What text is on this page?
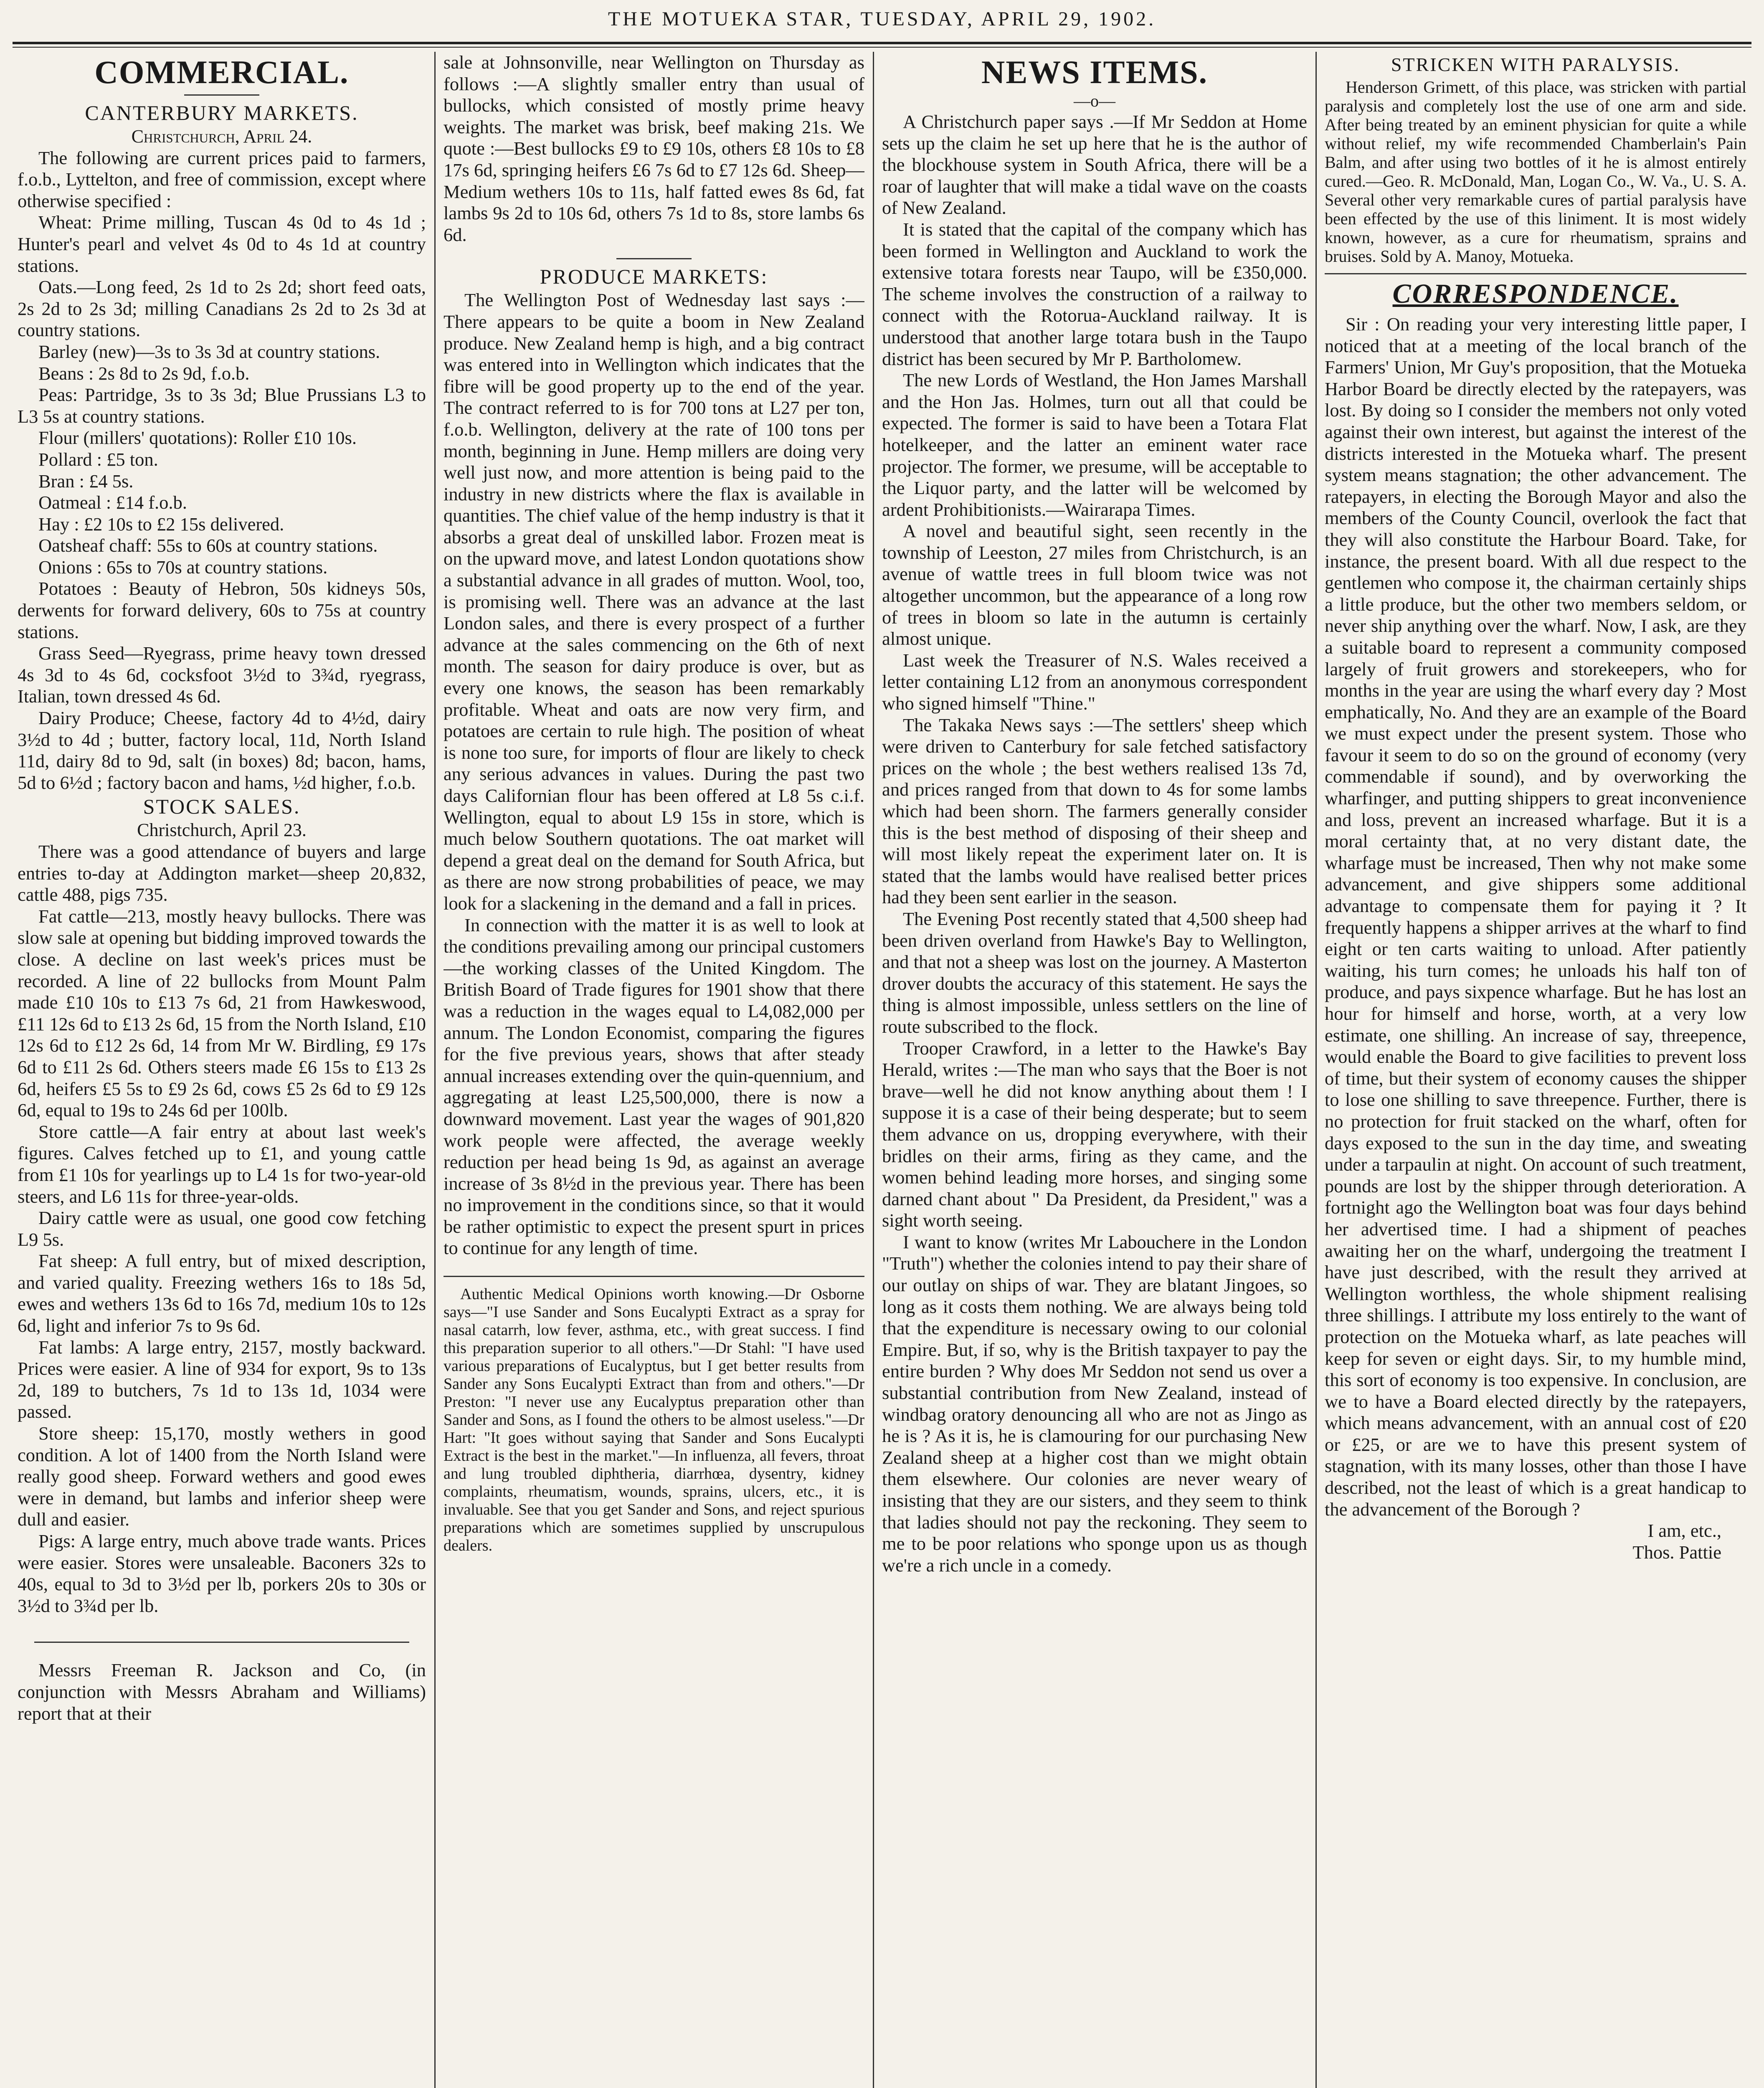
THE MOTUEKA STAR, TUESDAY, APRIL 29, 1902.
COMMERCIAL.
CANTERBURY MARKETS.
Christchurch, April 24.

The following are current prices paid to farmers, f.o.b., Lyttelton, and free of commission, except where otherwise specified :

Wheat: Prime milling, Tuscan 4s 0d to 4s 1d ; Hunter's pearl and velvet 4s 0d to 4s 1d at country stations.

Oats.—Long feed, 2s 1d to 2s 2d; short feed oats, 2s 2d to 2s 3d; milling Canadians 2s 2d to 2s 3d at country stations.

Barley (new)—3s to 3s 3d at country stations.

Beans : 2s 8d to 2s 9d, f.o.b.

Peas: Partridge, 3s to 3s 3d; Blue Prussians L3 to L3 5s at country stations.

Flour (millers' quotations): Roller £10 10s.

Pollard : £5 ton.

Bran : £4 5s.

Oatmeal : £14 f.o.b.

Hay : £2 10s to £2 15s delivered.

Oatsheaf chaff: 55s to 60s at country stations.

Onions : 65s to 70s at country stations.

Potatoes : Beauty of Hebron, 50s kidneys 50s, derwents for forward delivery, 60s to 75s at country stations.

Grass Seed—Ryegrass, prime heavy town dressed 4s 3d to 4s 6d, cocksfoot 3½d to 3¾d, ryegrass, Italian, town dressed 4s 6d.

Dairy Produce; Cheese, factory 4d to 4½d, dairy 3½d to 4d ; butter, factory local, 11d, North Island 11d, dairy 8d to 9d, salt (in boxes) 8d; bacon, hams, 5d to 6½d ; factory bacon and hams, ½d higher, f.o.b.

STOCK SALES.
Christchurch, April 23.

There was a good attendance of buyers and large entries to-day at Addington market—sheep 20,832, cattle 488, pigs 735.

Fat cattle—213, mostly heavy bullocks. There was slow sale at opening but bidding improved towards the close. A decline on last week's prices must be recorded. A line of 22 bullocks from Mount Palm made £10 10s to £13 7s 6d, 21 from Hawkeswood, £11 12s 6d to £13 2s 6d, 15 from the North Island, £10 12s 6d to £12 2s 6d, 14 from Mr W. Birdling, £9 17s 6d to £11 2s 6d. Others steers made £6 15s to £13 2s 6d, heifers £5 5s to £9 2s 6d, cows £5 2s 6d to £9 12s 6d, equal to 19s to 24s 6d per 100lb.

Store cattle—A fair entry at about last week's figures. Calves fetched up to £1, and young cattle from £1 10s for yearlings up to L4 1s for two-year-old steers, and L6 11s for three-year-olds.

Dairy cattle were as usual, one good cow fetching L9 5s.

Fat sheep: A full entry, but of mixed description, and varied quality. Freezing wethers 16s to 18s 5d, ewes and wethers 13s 6d to 16s 7d, medium 10s to 12s 6d, light and inferior 7s to 9s 6d.

Fat lambs: A large entry, 2157, mostly backward. Prices were easier. A line of 934 for export, 9s to 13s 2d, 189 to butchers, 7s 1d to 13s 1d, 1034 were passed.

Store sheep: 15,170, mostly wethers in good condition. A lot of 1400 from the North Island were really good sheep. Forward wethers and good ewes were in demand, but lambs and inferior sheep were dull and easier.

Pigs: A large entry, much above trade wants. Prices were easier. Stores were unsaleable. Baconers 32s to 40s, equal to 3d to 3½d per lb, porkers 20s to 30s or 3½d to 3¾d per lb.

Messrs Freeman R. Jackson and Co, (in conjunction with Messrs Abraham and Williams) report that at their

sale at Johnsonville, near Wellington on Thursday as follows :—A slightly smaller entry than usual of bullocks, which consisted of mostly prime heavy weights. The market was brisk, beef making 21s. We quote :—Best bullocks £9 to £9 10s, others £8 10s to £8 17s 6d, springing heifers £6 7s 6d to £7 12s 6d. Sheep—Medium wethers 10s to 11s, half fatted ewes 8s 6d, fat lambs 9s 2d to 10s 6d, others 7s 1d to 8s, store lambs 6s 6d.

PRODUCE MARKETS:

The Wellington Post of Wednesday last says :—There appears to be quite a boom in New Zealand produce. New Zealand hemp is high, and a big contract was entered into in Wellington which indicates that the fibre will be good property up to the end of the year. The contract referred to is for 700 tons at L27 per ton, f.o.b. Wellington, delivery at the rate of 100 tons per month, beginning in June. Hemp millers are doing very well just now, and more attention is being paid to the industry in new districts where the flax is available in quantities. The chief value of the hemp industry is that it absorbs a great deal of unskilled labor. Frozen meat is on the upward move, and latest London quotations show a substantial advance in all grades of mutton. Wool, too, is promising well. There was an advance at the last London sales, and there is every prospect of a further advance at the sales commencing on the 6th of next month. The season for dairy produce is over, but as every one knows, the season has been remarkably profitable. Wheat and oats are now very firm, and potatoes are certain to rule high. The position of wheat is none too sure, for imports of flour are likely to check any serious advances in values. During the past two days Californian flour has been offered at L8 5s c.i.f. Wellington, equal to about L9 15s in store, which is much below Southern quotations. The oat market will depend a great deal on the demand for South Africa, but as there are now strong probabilities of peace, we may look for a slackening in the demand and a fall in prices.

In connection with the matter it is as well to look at the conditions prevailing among our principal customers—the working classes of the United Kingdom. The British Board of Trade figures for 1901 show that there was a reduction in the wages equal to L4,082,000 per annum. The London Economist, comparing the figures for the five previous years, shows that after steady annual increases extending over the quin-quennium, and aggregating at least L25,500,000, there is now a downward movement. Last year the wages of 901,820 work people were affected, the average weekly reduction per head being 1s 9d, as against an average increase of 3s 8½d in the previous year. There has been no improvement in the conditions since, so that it would be rather optimistic to expect the present spurt in prices to continue for any length of time.

Authentic Medical Opinions worth knowing.—Dr Osborne says—"I use Sander and Sons Eucalypti Extract as a spray for nasal catarrh, low fever, asthma, etc., with great success. I find this preparation superior to all others."—Dr Stahl: "I have used various preparations of Eucalyptus, but I get better results from Sander any Sons Eucalypti Extract than from and others."—Dr Preston: "I never use any Eucalyptus preparation other than Sander and Sons, as I found the others to be almost useless."—Dr Hart: "It goes without saying that Sander and Sons Eucalypti Extract is the best in the market."—In influenza, all fevers, throat and lung troubled diphtheria, diarrhœa, dysentry, kidney complaints, rheumatism, wounds, sprains, ulcers, etc., it is invaluable. See that you get Sander and Sons, and reject spurious preparations which are sometimes supplied by unscrupulous dealers.

NEWS ITEMS.
—o—

A Christchurch paper says .—If Mr Seddon at Home sets up the claim he set up here that he is the author of the blockhouse system in South Africa, there will be a roar of laughter that will make a tidal wave on the coasts of New Zealand.

It is stated that the capital of the company which has been formed in Wellington and Auckland to work the extensive totara forests near Taupo, will be £350,000. The scheme involves the construction of a railway to connect with the Rotorua-Auckland railway. It is understood that another large totara bush in the Taupo district has been secured by Mr P. Bartholomew.

The new Lords of Westland, the Hon James Marshall and the Hon Jas. Holmes, turn out all that could be expected. The former is said to have been a Totara Flat hotelkeeper, and the latter an eminent water race projector. The former, we presume, will be acceptable to the Liquor party, and the latter will be welcomed by ardent Prohibitionists.—Wairarapa Times.

A novel and beautiful sight, seen recently in the township of Leeston, 27 miles from Christchurch, is an avenue of wattle trees in full bloom twice was not altogether uncommon, but the appearance of a long row of trees in bloom so late in the autumn is certainly almost unique.

Last week the Treasurer of N.S. Wales received a letter containing L12 from an anonymous correspondent who signed himself "Thine."

The Takaka News says :—The settlers' sheep which were driven to Canterbury for sale fetched satisfactory prices on the whole ; the best wethers realised 13s 7d, and prices ranged from that down to 4s for some lambs which had been shorn. The farmers generally consider this is the best method of disposing of their sheep and will most likely repeat the experiment later on. It is stated that the lambs would have realised better prices had they been sent earlier in the season.

The Evening Post recently stated that 4,500 sheep had been driven overland from Hawke's Bay to Wellington, and that not a sheep was lost on the journey. A Masterton drover doubts the accuracy of this statement. He says the thing is almost impossible, unless settlers on the line of route subscribed to the flock.

Trooper Crawford, in a letter to the Hawke's Bay Herald, writes :—The man who says that the Boer is not brave—well he did not know anything about them ! I suppose it is a case of their being desperate; but to seem them advance on us, dropping everywhere, with their bridles on their arms, firing as they came, and the women behind leading more horses, and singing some darned chant about " Da President, da President," was a sight worth seeing.

I want to know (writes Mr Labouchere in the London "Truth") whether the colonies intend to pay their share of our outlay on ships of war. They are blatant Jingoes, so long as it costs them nothing. We are always being told that the expenditure is necessary owing to our colonial Empire. But, if so, why is the British taxpayer to pay the entire burden ? Why does Mr Seddon not send us over a substantial contribution from New Zealand, instead of windbag oratory denouncing all who are not as Jingo as he is ? As it is, he is clamouring for our purchasing New Zealand sheep at a higher cost than we might obtain them elsewhere. Our colonies are never weary of insisting that they are our sisters, and they seem to think that ladies should not pay the reckoning. They seem to me to be poor relations who sponge upon us as though we're a rich uncle in a comedy.

STRICKEN WITH PARALYSIS.

Henderson Grimett, of this place, was stricken with partial paralysis and completely lost the use of one arm and side. After being treated by an eminent physician for quite a while without relief, my wife recommended Chamberlain's Pain Balm, and after using two bottles of it he is almost entirely cured.—Geo. R. McDonald, Man, Logan Co., W. Va., U. S. A. Several other very remarkable cures of partial paralysis have been effected by the use of this liniment. It is most widely known, however, as a cure for rheumatism, sprains and bruises. Sold by A. Manoy, Motueka.

CORRESPONDENCE.

Sir : On reading your very interesting little paper, I noticed that at a meeting of the local branch of the Farmers' Union, Mr Guy's proposition, that the Motueka Harbor Board be directly elected by the ratepayers, was lost. By doing so I consider the members not only voted against their own interest, but against the interest of the districts interested in the Motueka wharf. The present system means stagnation; the other advancement. The ratepayers, in electing the Borough Mayor and also the members of the County Council, overlook the fact that they will also constitute the Harbour Board. Take, for instance, the present board. With all due respect to the gentlemen who compose it, the chairman certainly ships a little produce, but the other two members seldom, or never ship anything over the wharf. Now, I ask, are they a suitable board to represent a community composed largely of fruit growers and storekeepers, who for months in the year are using the wharf every day ? Most emphatically, No. And they are an example of the Board we must expect under the present system. Those who favour it seem to do so on the ground of economy (very commendable if sound), and by overworking the wharfinger, and putting shippers to great inconvenience and loss, prevent an increased wharfage. But it is a moral certainty that, at no very distant date, the wharfage must be increased, Then why not make some advancement, and give shippers some additional advantage to compensate them for paying it ? It frequently happens a shipper arrives at the wharf to find eight or ten carts waiting to unload. After patiently waiting, his turn comes; he unloads his half ton of produce, and pays sixpence wharfage. But he has lost an hour for himself and horse, worth, at a very low estimate, one shilling. An increase of say, threepence, would enable the Board to give facilities to prevent loss of time, but their system of economy causes the shipper to lose one shilling to save threepence. Further, there is no protection for fruit stacked on the wharf, often for days exposed to the sun in the day time, and sweating under a tarpaulin at night. On account of such treatment, pounds are lost by the shipper through deterioration. A fortnight ago the Wellington boat was four days behind her advertised time. I had a shipment of peaches awaiting her on the wharf, undergoing the treatment I have just described, with the result they arrived at Wellington worthless, the whole shipment realising three shillings. I attribute my loss entirely to the want of protection on the Motueka wharf, as late peaches will keep for seven or eight days. Sir, to my humble mind, this sort of economy is too expensive. In conclusion, are we to have a Board elected directly by the ratepayers, which means advancement, with an annual cost of £20 or £25, or are we to have this present system of stagnation, with its many losses, other than those I have described, not the least of which is a great handicap to the advancement of the Borough ?

I am, etc.,

Thos. Pattie
